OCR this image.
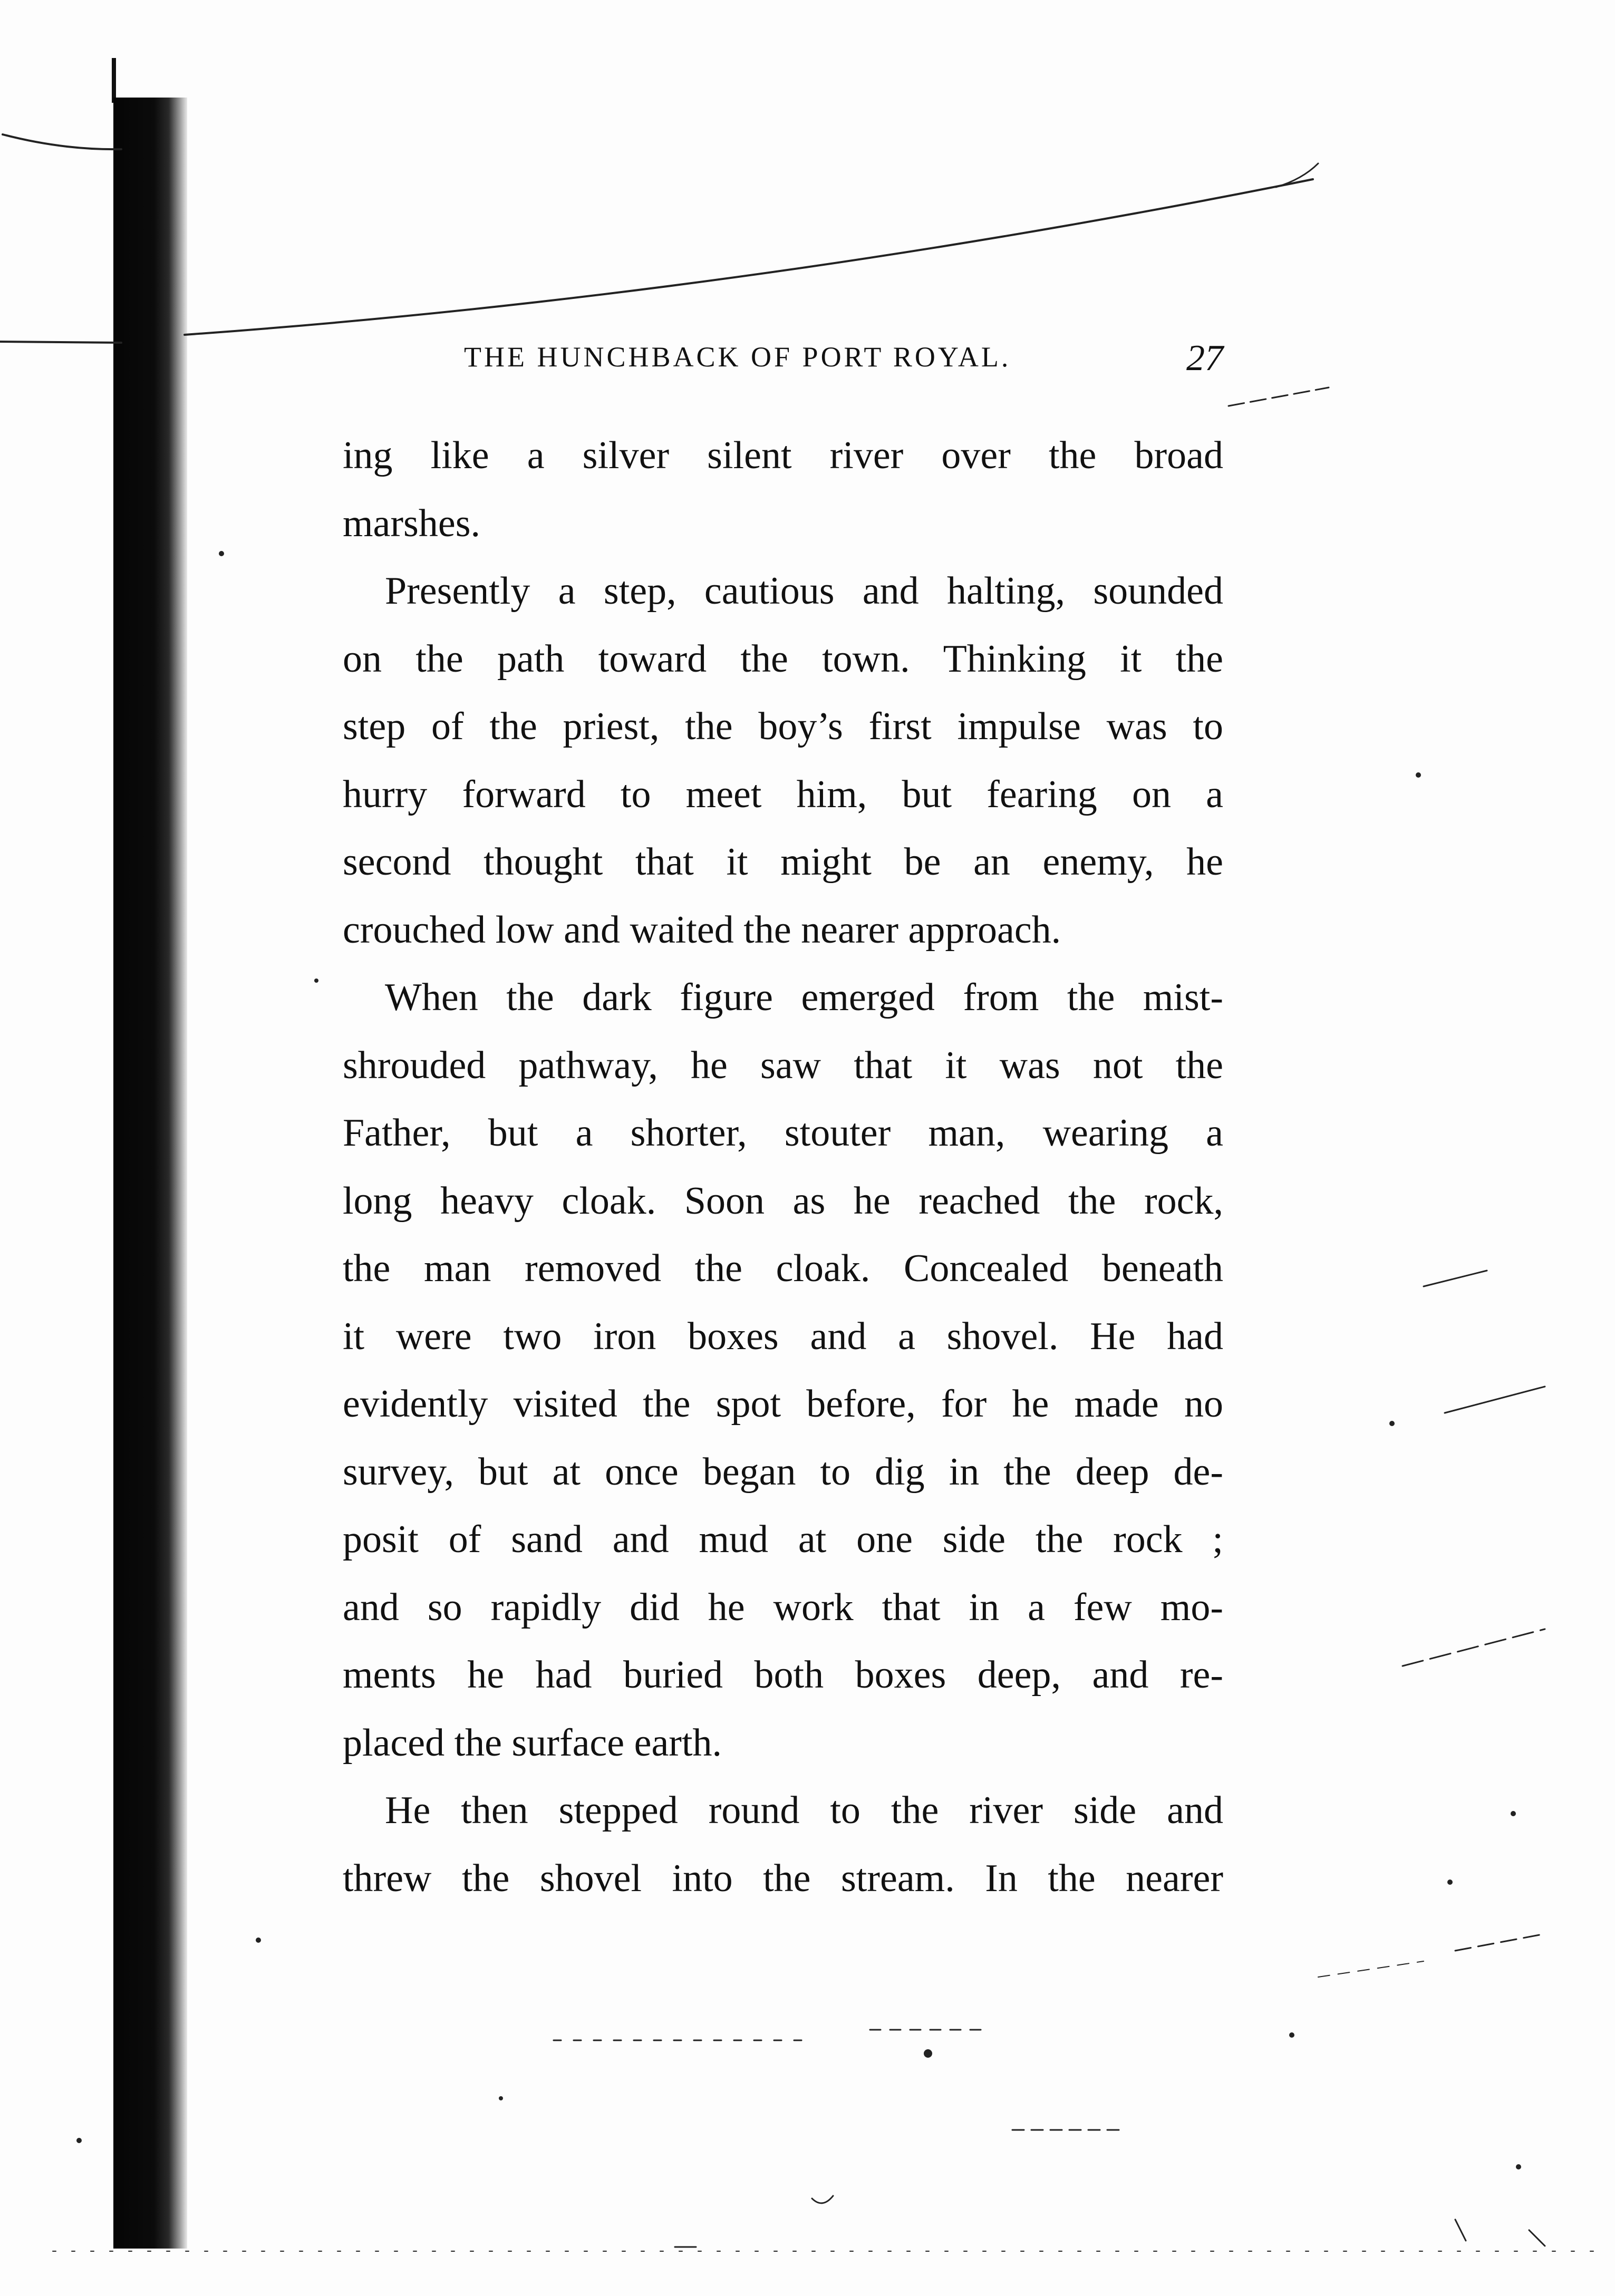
THE HUNCHBACK OF PORT ROYAL.	27
ing like a silver silent river over the broad
marshes.
Presently a step, cautious and halting, sounded
on the path toward the town. Thinking it the
step of the priest, the boy’s first impulse was to
hurry forward to meet him, but fearing on a
second thought that it might be an enemy, he
crouched low and waited the nearer approach.
When the dark figure emerged from the mist-
shrouded pathway, he saw that it was not the
Father, but a shorter, stouter man, wearing a
long heavy cloak. Soon as he reached the rock,
the man removed the cloak. Concealed beneath
it were two iron boxes and a shovel. He had
evidently visited the spot before, for he made no
survey, but at once began to dig in the deep de-
posit of sand and mud at one side the rock ;
and so rapidly did he work that in a few mo-
ments he had buried both boxes deep, and re-
placed the surface earth.
He then stepped round to the river side and
threw the shovel into the stream. In the nearer
